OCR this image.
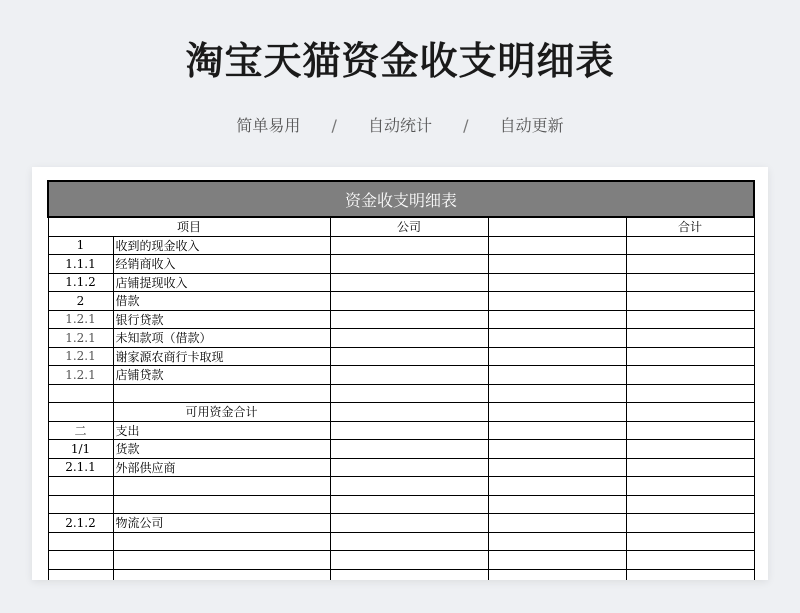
淘宝天猫资金收支明细表
简单易用 / 自动统计 / 自动更新
资金收支明细表				
项目		公司		合计
1	收到的现金收入			
1.1.1	经销商收入			
1.1.2	店铺提现收入			
2	借款			
1.2.1	银行贷款			
1.2.1	未知款项（借款）			
1.2.1	谢家源农商行卡取现			
1.2.1	店铺贷款			

	可用资金合计			
二	支出			
1/1	货款			
2.1.1	外部供应商			

2.1.2	物流公司			
